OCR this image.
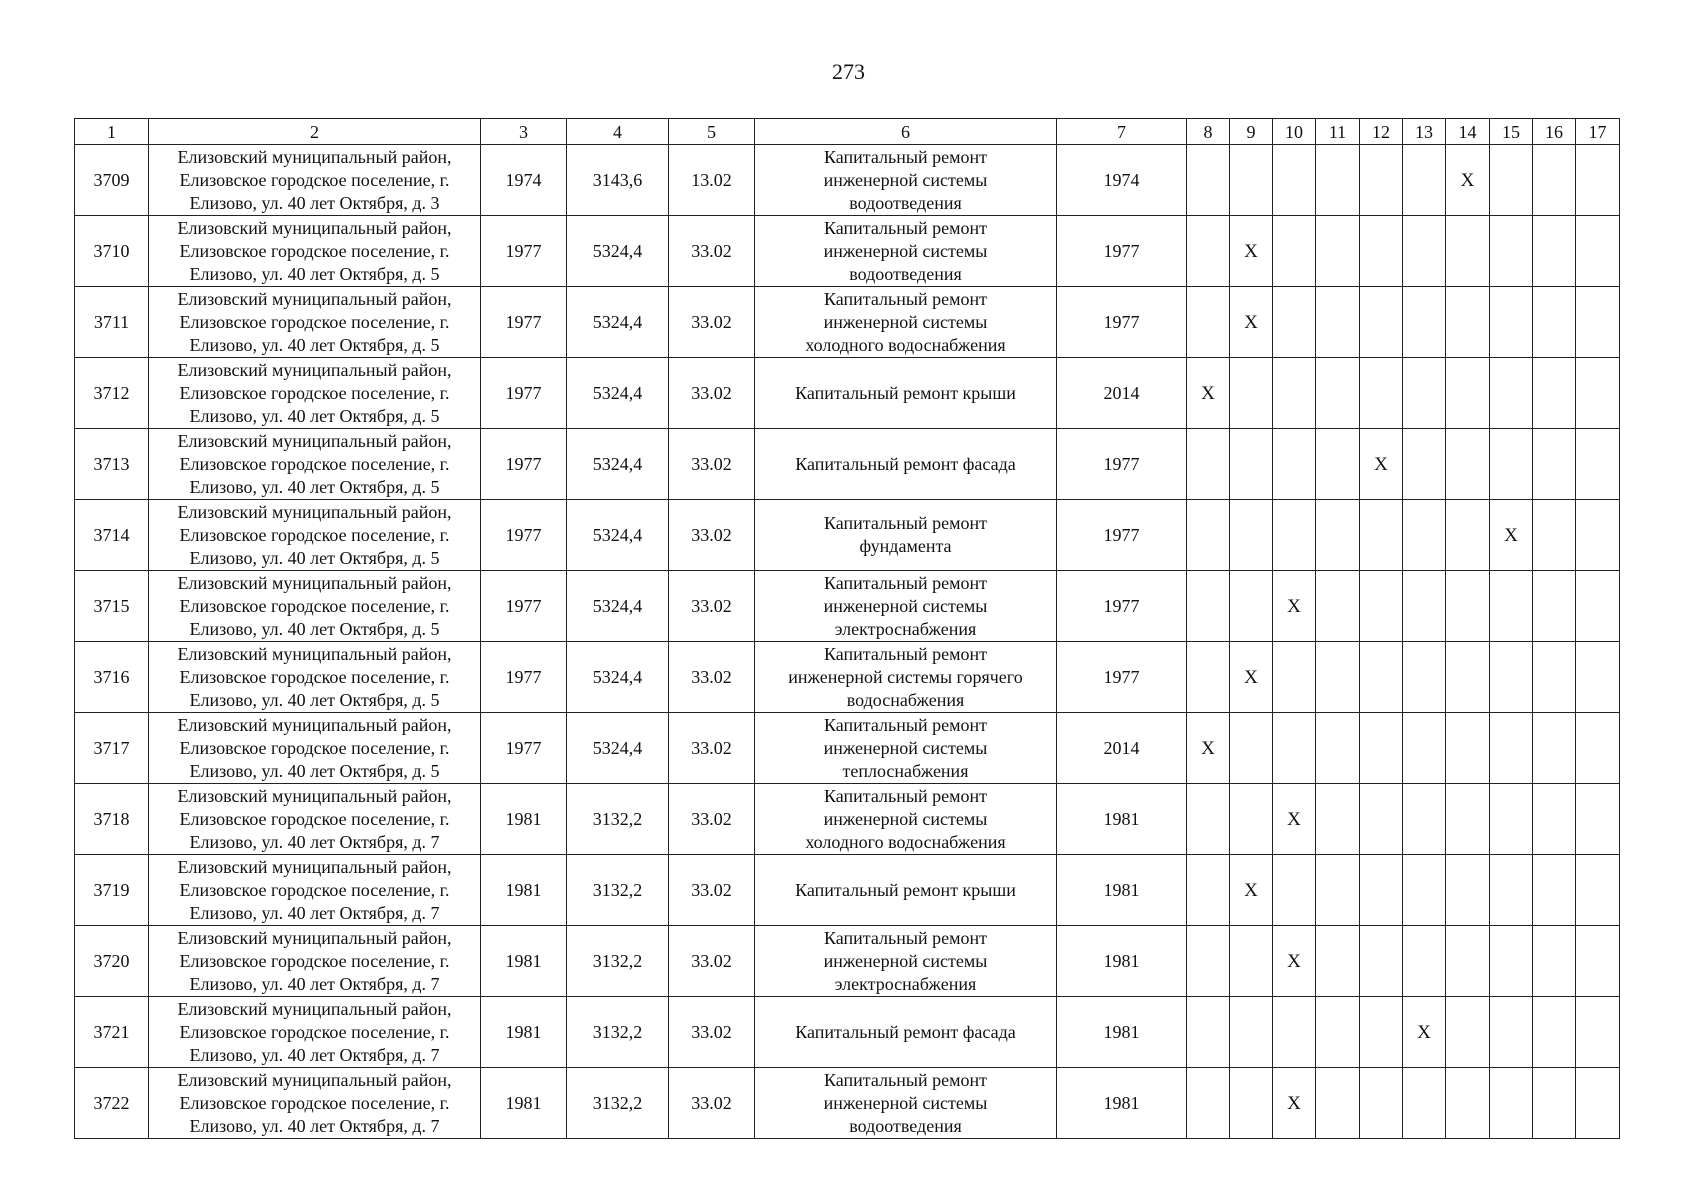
273
1	2	3	4	5	6	7	8	9	10	11	12	13	14	15	16	17
3709	Елизовский муниципальный район,
Елизовское городское поселение, г.
Елизово, ул. 40 лет Октября, д. 3	1974	3143,6	13.02	Капитальный ремонт
инженерной системы
водоотведения	1974							X			
3710	Елизовский муниципальный район,
Елизовское городское поселение, г.
Елизово, ул. 40 лет Октября, д. 5	1977	5324,4	33.02	Капитальный ремонт
инженерной системы
водоотведения	1977		X								
3711	Елизовский муниципальный район,
Елизовское городское поселение, г.
Елизово, ул. 40 лет Октября, д. 5	1977	5324,4	33.02	Капитальный ремонт
инженерной системы
холодного водоснабжения	1977		X								
3712	Елизовский муниципальный район,
Елизовское городское поселение, г.
Елизово, ул. 40 лет Октября, д. 5	1977	5324,4	33.02	Капитальный ремонт крыши	2014	X									
3713	Елизовский муниципальный район,
Елизовское городское поселение, г.
Елизово, ул. 40 лет Октября, д. 5	1977	5324,4	33.02	Капитальный ремонт фасада	1977					X					
3714	Елизовский муниципальный район,
Елизовское городское поселение, г.
Елизово, ул. 40 лет Октября, д. 5	1977	5324,4	33.02	Капитальный ремонт
фундамента	1977								X		
3715	Елизовский муниципальный район,
Елизовское городское поселение, г.
Елизово, ул. 40 лет Октября, д. 5	1977	5324,4	33.02	Капитальный ремонт
инженерной системы
электроснабжения	1977			X							
3716	Елизовский муниципальный район,
Елизовское городское поселение, г.
Елизово, ул. 40 лет Октября, д. 5	1977	5324,4	33.02	Капитальный ремонт
инженерной системы горячего
водоснабжения	1977		X								
3717	Елизовский муниципальный район,
Елизовское городское поселение, г.
Елизово, ул. 40 лет Октября, д. 5	1977	5324,4	33.02	Капитальный ремонт
инженерной системы
теплоснабжения	2014	X									
3718	Елизовский муниципальный район,
Елизовское городское поселение, г.
Елизово, ул. 40 лет Октября, д. 7	1981	3132,2	33.02	Капитальный ремонт
инженерной системы
холодного водоснабжения	1981			X							
3719	Елизовский муниципальный район,
Елизовское городское поселение, г.
Елизово, ул. 40 лет Октября, д. 7	1981	3132,2	33.02	Капитальный ремонт крыши	1981		X								
3720	Елизовский муниципальный район,
Елизовское городское поселение, г.
Елизово, ул. 40 лет Октября, д. 7	1981	3132,2	33.02	Капитальный ремонт
инженерной системы
электроснабжения	1981			X							
3721	Елизовский муниципальный район,
Елизовское городское поселение, г.
Елизово, ул. 40 лет Октября, д. 7	1981	3132,2	33.02	Капитальный ремонт фасада	1981						X				
3722	Елизовский муниципальный район,
Елизовское городское поселение, г.
Елизово, ул. 40 лет Октября, д. 7	1981	3132,2	33.02	Капитальный ремонт
инженерной системы
водоотведения	1981			X							
